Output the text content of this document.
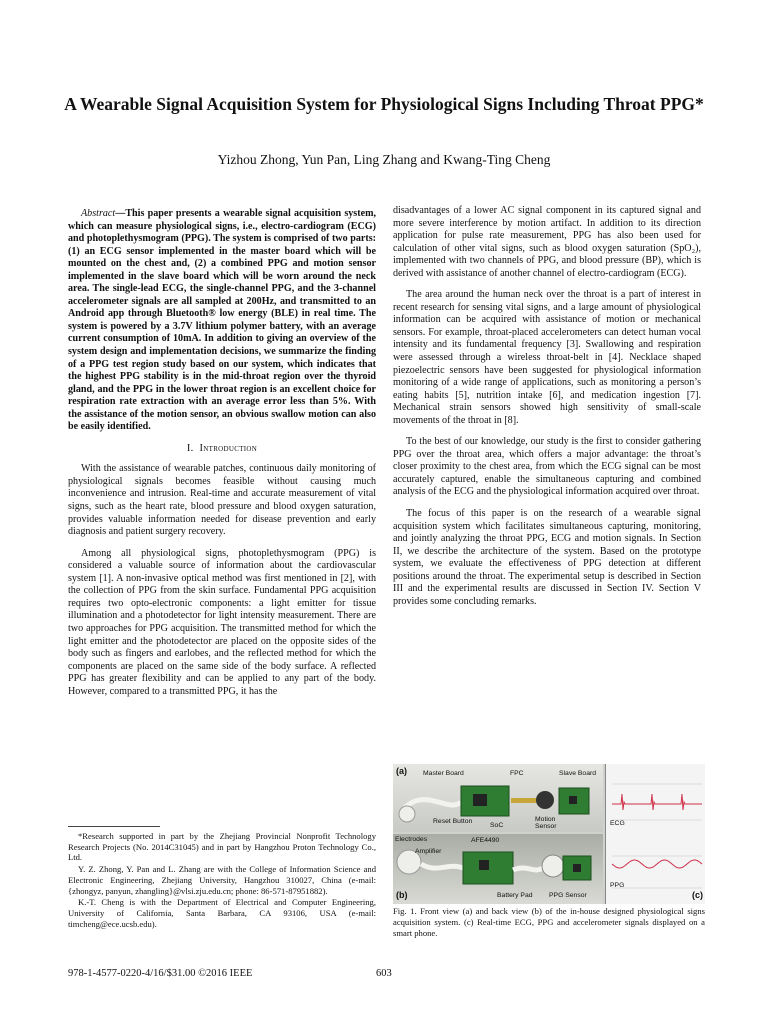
A Wearable Signal Acquisition System for Physiological Signs Including Throat PPG*
Yizhou Zhong, Yun Pan, Ling Zhang and Kwang-Ting Cheng

Abstract—This paper presents a wearable signal acquisition system, which can measure physiological signs, i.e., electro-cardiogram (ECG) and photoplethysmogram (PPG). The system is comprised of two parts: (1) an ECG sensor implemented in the master board which will be mounted on the chest and, (2) a combined PPG and motion sensor implemented in the slave board which will be worn around the neck area. The single-lead ECG, the single-channel PPG, and the 3-channel accelerometer signals are all sampled at 200Hz, and transmitted to an Android app through Bluetooth® low energy (BLE) in real time. The system is powered by a 3.7V lithium polymer battery, with an average current consumption of 10mA. In addition to giving an overview of the system design and implementation decisions, we summarize the finding of a PPG test region study based on our system, which indicates that the highest PPG stability is in the mid-throat region over the thyroid gland, and the PPG in the lower throat region is an excellent choice for respiration rate extraction with an average error less than 5%. With the assistance of the motion sensor, an obvious swallow motion can also be easily identified.

I. Introduction

With the assistance of wearable patches, continuous daily monitoring of physiological signals becomes feasible without causing much inconvenience and intrusion. Real-time and accurate measurement of vital signs, such as the heart rate, blood pressure and blood oxygen saturation, provides valuable information needed for disease prevention and early diagnosis and patient surgery recovery.

Among all physiological signs, photoplethysmogram (PPG) is considered a valuable source of information about the cardiovascular system [1]. A non-invasive optical method was first mentioned in [2], with the collection of PPG from the skin surface. Fundamental PPG acquisition requires two opto-electronic components: a light emitter for tissue illumination and a photodetector for light intensity measurement. There are two approaches for PPG acquisition. The transmitted method for which the light emitter and the photodetector are placed on the opposite sides of the body such as fingers and earlobes, and the reflected method for which the components are placed on the same side of the body surface. A reflected PPG has greater flexibility and can be applied to any part of the body. However, compared to a transmitted PPG, it has the

*Research supported in part by the Zhejiang Provincial Nonprofit Technology Research Projects (No. 2014C31045) and in part by Hangzhou Proton Technology Co., Ltd.

Y. Z. Zhong, Y. Pan and L. Zhang are with the College of Information Science and Electronic Engineering, Zhejiang University, Hangzhou 310027, China (e-mail: {zhongyz, panyun, zhangling}@vlsi.zju.edu.cn; phone: 86-571-87951882).

K.-T. Cheng is with the Department of Electrical and Computer Engineering, University of California, Santa Barbara, CA 93106, USA (e-mail: timcheng@ece.ucsb.edu).

disadvantages of a lower AC signal component in its captured signal and more severe interference by motion artifact. In addition to its direction application for pulse rate measurement, PPG has also been used for calculation of other vital signs, such as blood oxygen saturation (SpO₂), implemented with two channels of PPG, and blood pressure (BP), which is derived with assistance of another channel of electro-cardiogram (ECG).

The area around the human neck over the throat is a part of interest in recent research for sensing vital signs, and a large amount of physiological information can be acquired with assistance of motion or mechanical sensors. For example, throat-placed accelerometers can detect human vocal intensity and its fundamental frequency [3]. Swallowing and respiration were assessed through a wireless throat-belt in [4]. Necklace shaped piezoelectric sensors have been suggested for physiological information monitoring of a wide range of applications, such as monitoring a person’s eating habits [5], nutrition intake [6], and medication ingestion [7]. Mechanical strain sensors showed high sensitivity of small-scale movements of the throat in [8].

To the best of our knowledge, our study is the first to consider gathering PPG over the throat area, which offers a major advantage: the throat’s closer proximity to the chest area, from which the ECG signal can be most accurately captured, enable the simultaneous capturing and combined analysis of the ECG and the physiological information acquired over throat.

The focus of this paper is on the research of a wearable signal acquisition system which facilitates simultaneous capturing, monitoring, and jointly analyzing the throat PPG, ECG and motion signals. In Section II, we describe the architecture of the system. Based on the prototype system, we evaluate the effectiveness of PPG detection at different positions around the throat. The experimental setup is described in Section III and the experimental results are discussed in Section IV. Section V provides some concluding remarks.

(a) Master Board	FPC	Slave Board
Reset Button
SoC
Motion Sensor
Electrodes	AFE4490
Amplifier
(b)	Battery Pad PPG Sensor
ECG
PPG
(c)
Fig. 1. Front view (a) and back view (b) of the in-house designed physiological signs acquisition system. (c) Real-time ECG, PPG and accelerometer signals displayed on a smart phone.
978-1-4577-0220-4/16/$31.00 ©2016 IEEE	603
